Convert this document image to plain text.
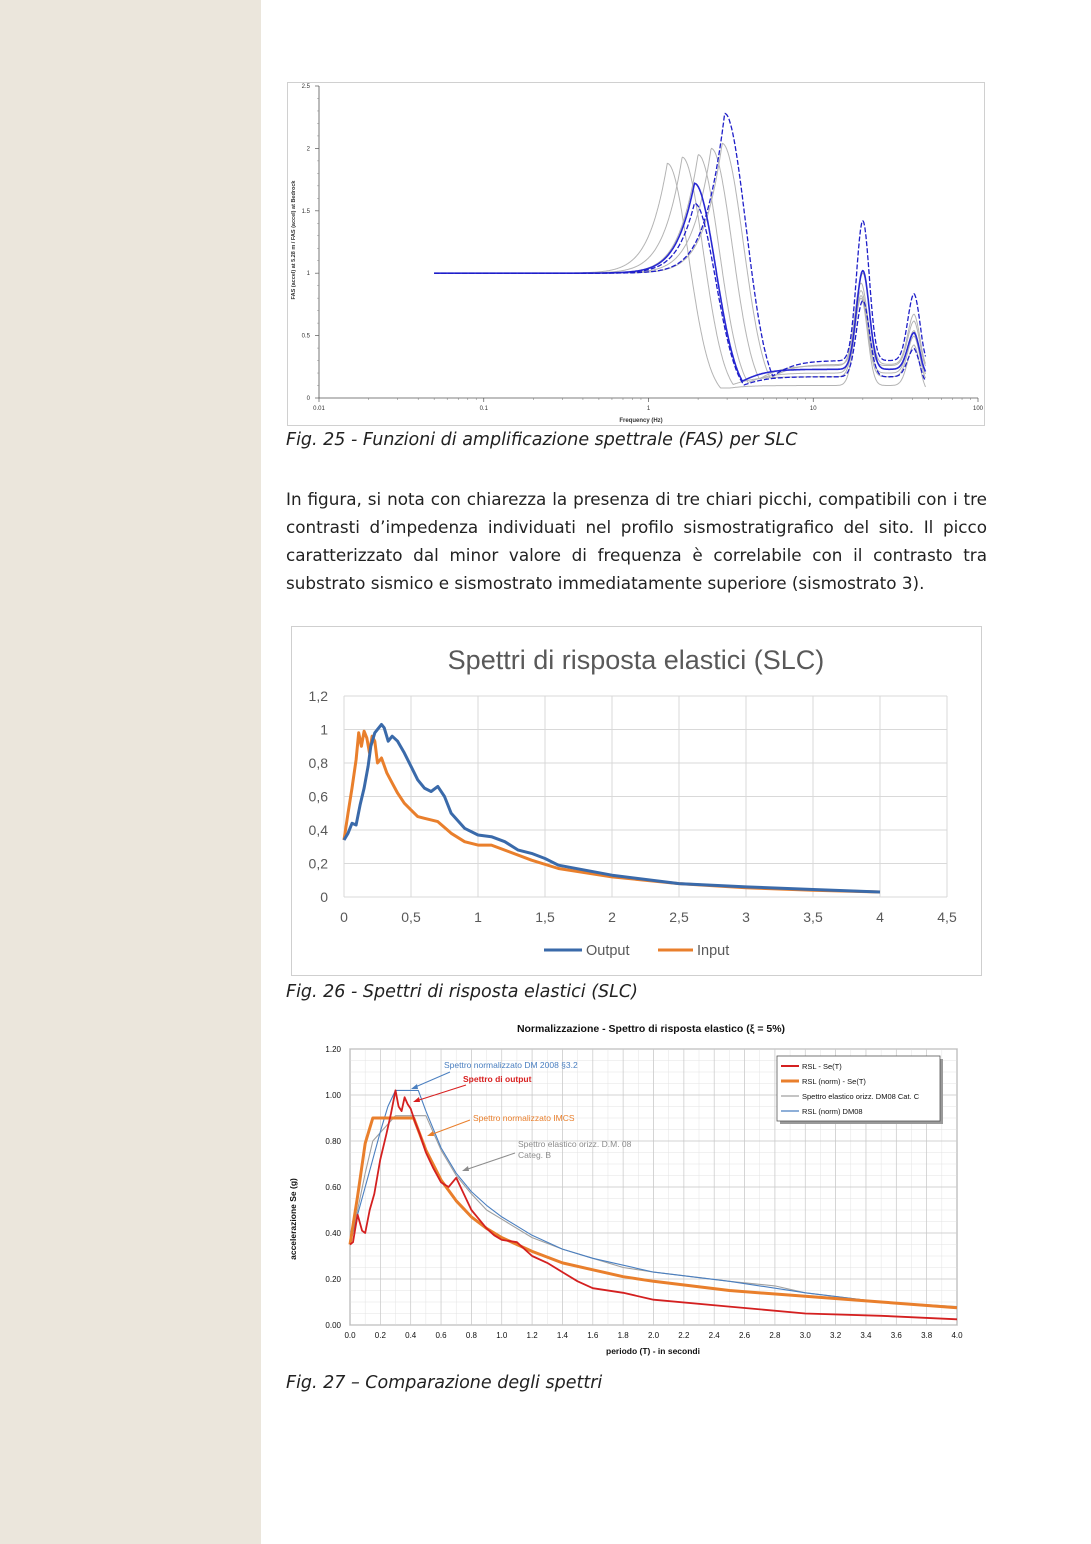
0.01	0.1	1	10	100
0
0.5
1
1.5
2
2.5
Frequency (Hz)
FAS (accel) at 5.28 m / FAS (accel) at Bedrock

Fig. 25 - Funzioni di amplificazione spettrale (FAS) per SLC

In figura, si nota con chiarezza la presenza di tre chiari picchi, compatibili con i tre contrasti d’impedenza individuati nel profilo sismostratigrafico del sito. Il picco caratterizzato dal minor valore di frequenza è correlabile con il contrasto tra substrato sismico e sismostrato immediatamente superiore (sismostrato 3).

Spettri di risposta elastici (SLC)
0
0,2
0,4
0,6
0,8
1
1,2
0	0,5	1	1,5	2	2,5	3	3,5	4	4,5
Output	Input

Fig. 26 - Spettri di risposta elastici (SLC)

Normalizzazione - Spettro di risposta elastico (ξ = 5%)
0.00
0.20
0.40
0.60
0.80
1.00
1.20
0.0 0.2 0.4 0.6 0.8 1.0 1.2 1.4 1.6 1.8 2.0 2.2 2.4 2.6 2.8 3.0 3.2 3.4 3.6 3.8 4.0
Spettro normalizzato DM 2008 §3.2
Spettro di output
Spettro normalizzato IMCS
Spettro elastico orizz. D.M. 08 Categ. B
RSL - Se(T)
RSL (norm) - Se(T)
Spettro elastico orizz. DM08 Cat. C
RSL (norm) DM08
periodo (T) - in secondi
accelerazione Se (g)

Fig. 27 – Comparazione degli spettri
